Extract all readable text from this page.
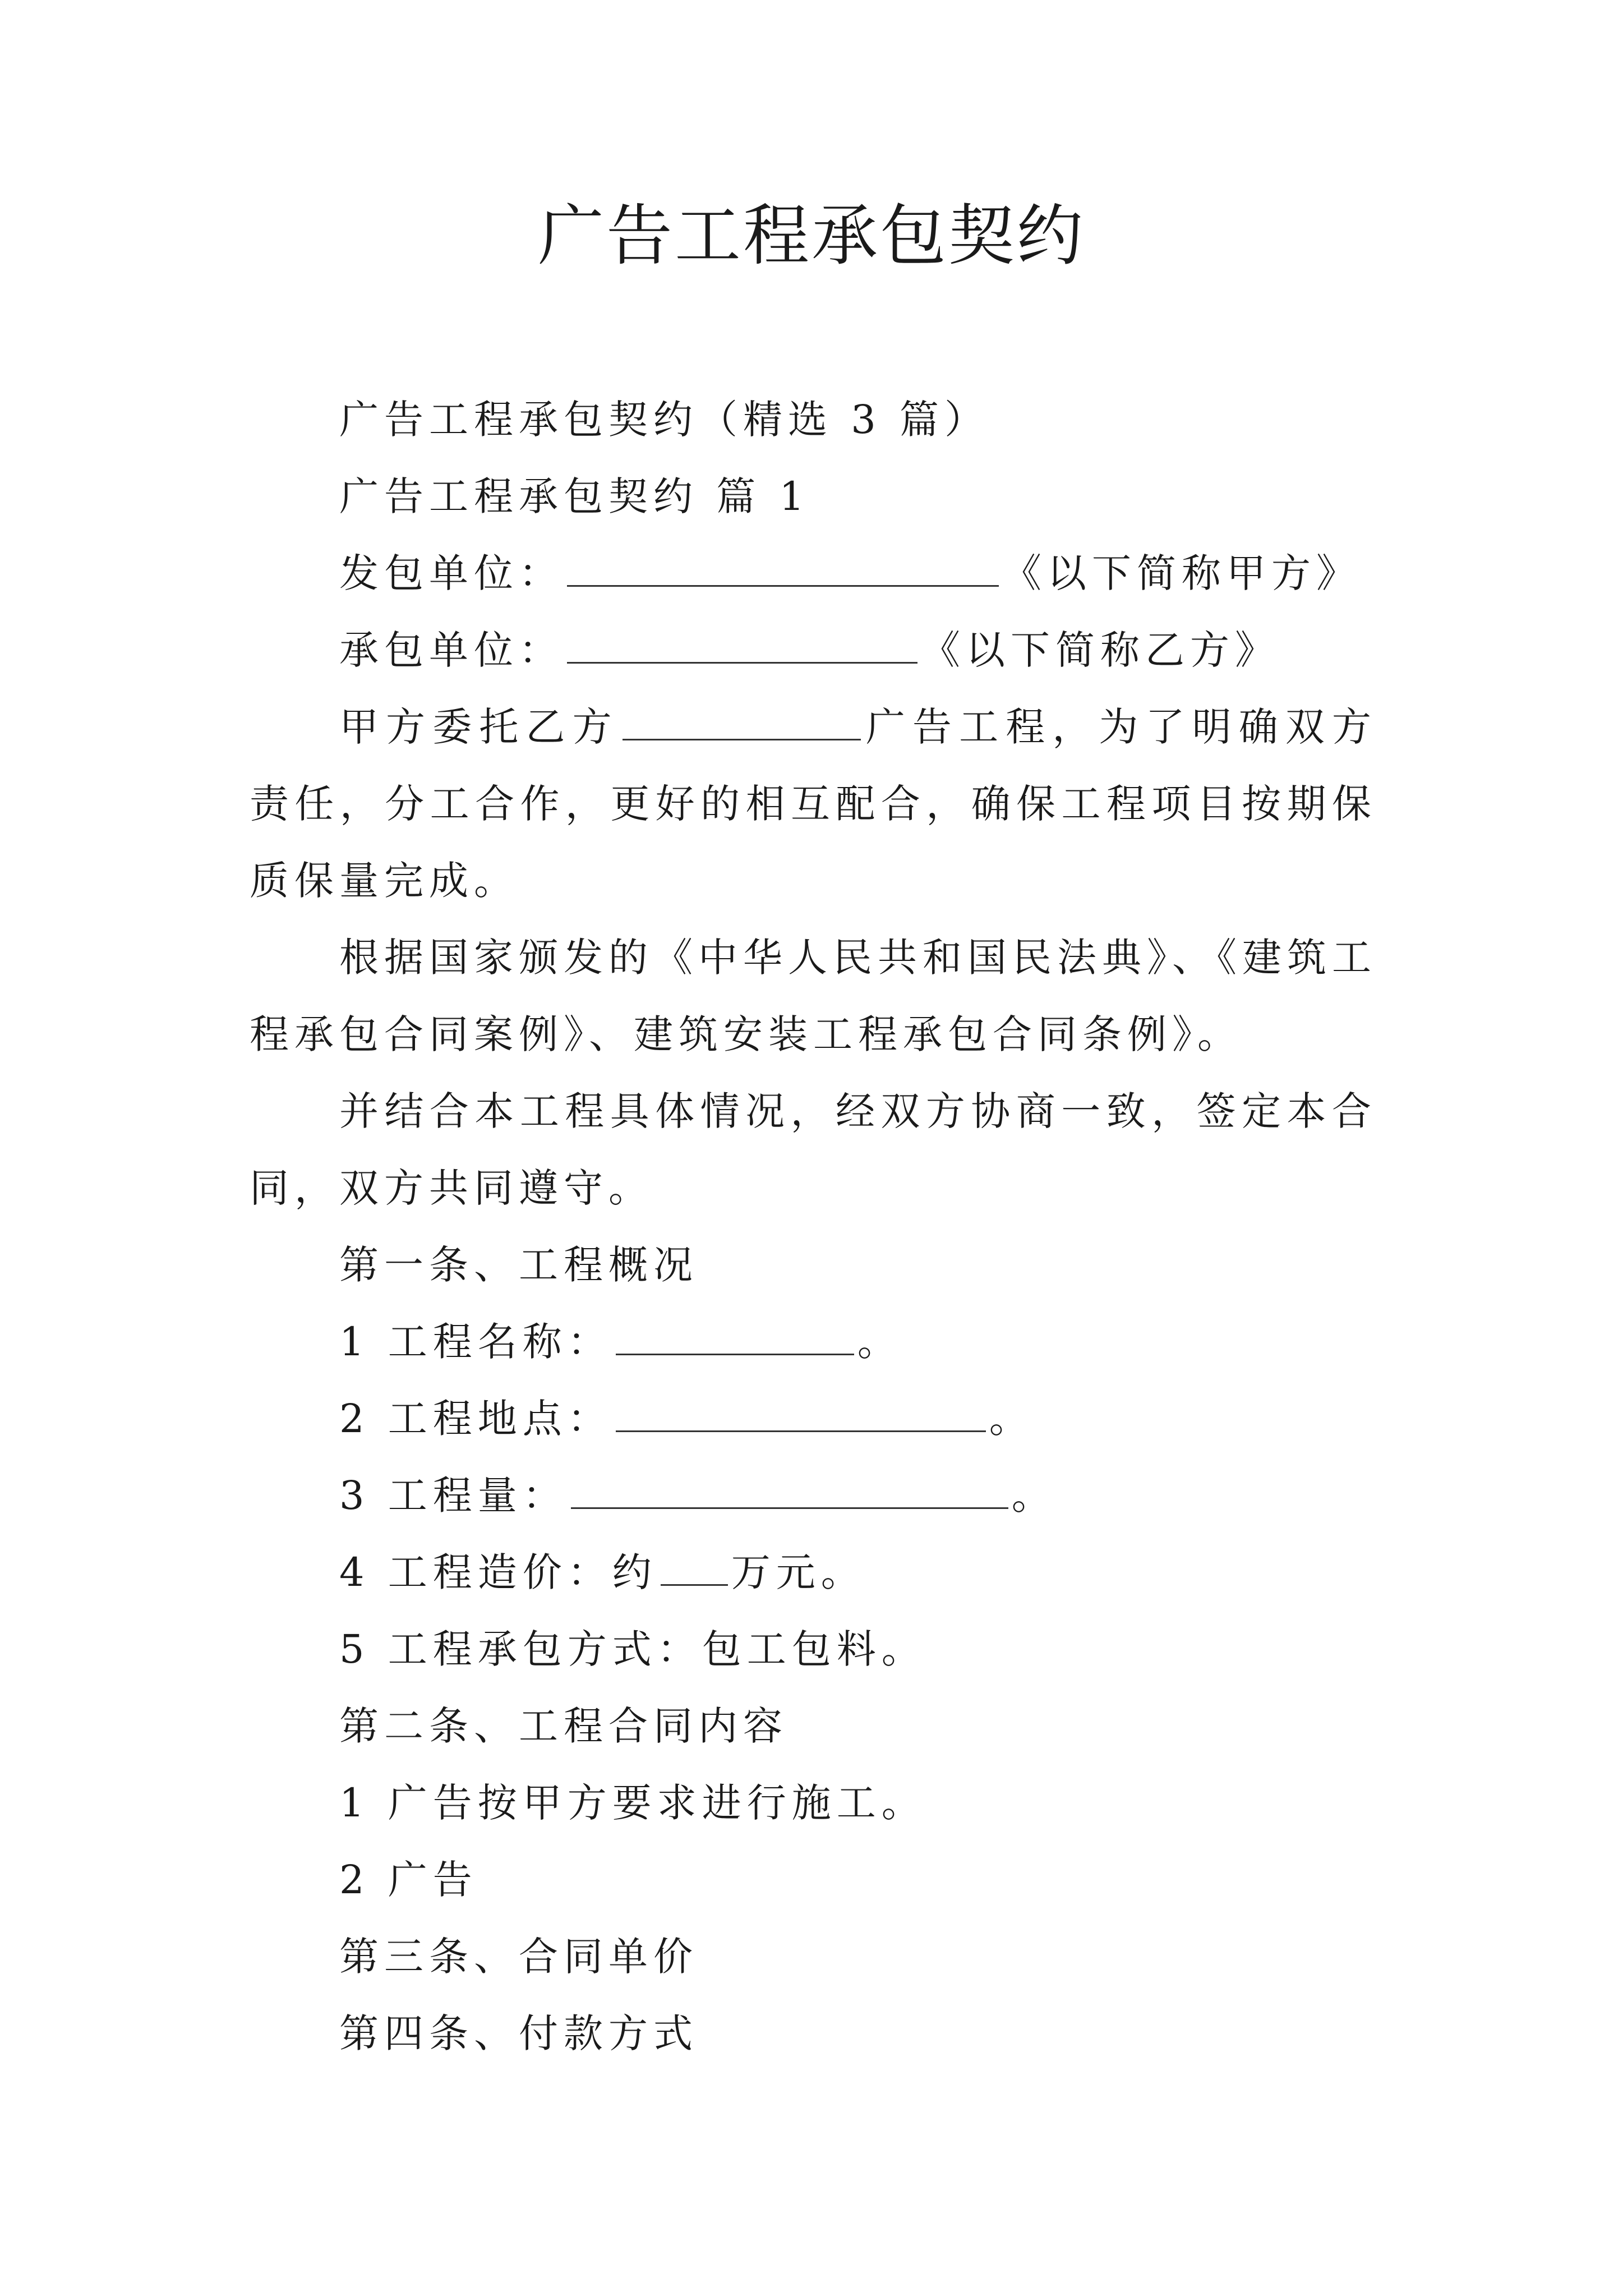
广告工程承包契约

广告工程承包契约（精选 3 篇）

广告工程承包契约 篇 1

发包单位：	《以下简称甲方》

承包单位：	《以下简称乙方》

甲方委托乙方	广告工程，为了明确双方责任，分工合作，更好的相互配合，确保工程项目按期保质保量完成。

根据国家颁发的《中华人民共和国民法典》、《建筑工程承包合同案例》、建筑安装工程承包合同条例》。

并结合本工程具体情况，经双方协商一致，签定本合同，双方共同遵守。

第一条、工程概况

1 工程名称：	。

2 工程地点：	。

3 工程量：	。

4 工程造价：约 万元。

5 工程承包方式：包工包料。

第二条、工程合同内容

1 广告按甲方要求进行施工。

2 广告

第三条、合同单价

第四条、付款方式
